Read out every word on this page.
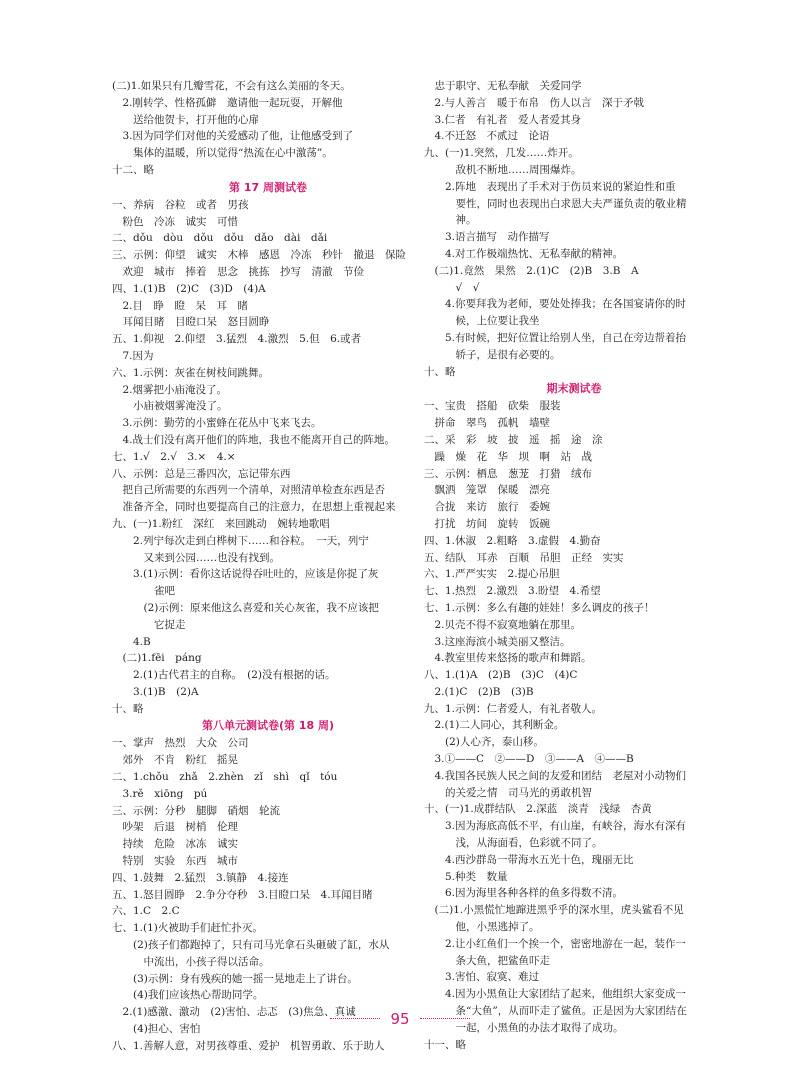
(二)1.如果只有几瓣雪花，不会有这么美丽的冬天。
　2.刚转学、性格孤僻　邀请他一起玩耍，开解他
　　送给他贺卡，打开他的心扉
　3.因为同学们对他的关爱感动了他，让他感受到了
　　集体的温暖，所以觉得“热流在心中激荡”。
十二、略
第 17 周测试卷
一、养病　谷粒　或者　男孩
　粉色　冷冻　诚实　可惜
二、dǒu　dòu　dǒu　dǒu　dǎo　dài　dǎi
三、示例：仰望　诚实　木棒　感恩　冷冻　秒针　撤退　保险
　欢迎　城市　捧着　思念　挑拣　抄写　清澈　节俭
四、1.(1)B　(2)C　(3)D　(4)A
　2.目　睁　瞪　呆　耳　睹
　耳闻目睹　目瞪口呆　怒目圆睁
五、1.仰视　2.仰望　3.猛烈　4.激烈　5.但　6.或者
　7.因为
六、1.示例：灰雀在树枝间跳舞。
　2.烟雾把小庙淹没了。
　　小庙被烟雾淹没了。
　3.示例：勤劳的小蜜蜂在花丛中飞来飞去。
　4.战士们没有离开他们的阵地，我也不能离开自己的阵地。
七、1.√　2.√　3.×　4.×
八、示例：总是三番四次，忘记带东西
　把自己所需要的东西列一个清单，对照清单检查东西是否
　准备齐全，同时也要提高自己的注意力，在思想上重视起来
九、(一)1.粉红　深红　来回跳动　婉转地歌唱
　　2.列宁每次走到白桦树下……和谷粒。　一天，列宁
　　　又来到公园……也没有找到。
　　3.(1)示例：看你这话说得吞吐吐的，应该是你捉了灰
　　　　雀吧
　　　(2)示例：原来他这么喜爱和关心灰雀，我不应该把
　　　　它捉走
　　4.B
　(二)1.fēi　páng
　　2.(1)古代君主的自称。　(2)没有根据的话。
　　3.(1)B　(2)A
十、略
第八单元测试卷(第 18 周)
一、掌声　热烈　大众　公司
　郊外　不肯　粉红　摇晃
二、1.chǒu　zhǎ　2.zhèn　zǐ　shì　qǐ　tóu
　3.rě　xiōng　pú
三、示例：分秒　腿脚　硝烟　轮流
　吵架　后退　树梢　伦理
　持续　危险　冰冻　诚实
　特别　实验　东西　城市
四、1.鼓舞　2.猛烈　3.镇静　4.接连
五、1.怒目圆睁　2.争分夺秒　3.目瞪口呆　4.耳闻目睹
六、1.C　2.C
七、1.(1)火被助手们赶忙扑灭。
　　(2)孩子们都跑掉了，只有司马光拿石头砸破了缸，水从
　　　中流出，小孩子得以活命。
　　(3)示例：身有残疾的她一摇一晃地走上了讲台。
　　(4)我们应该热心帮助同学。
　2.(1)感激、激动　(2)害怕、忐忑　(3)焦急、真诚
　　(4)担心、害怕
八、1.善解人意，对男孩尊重、爱护　机智勇敢、乐于助人
　忠于职守、无私奉献　关爱同学
　2.与人善言　暖于布帛　伤人以言　深于矛戟
　3.仁者　有礼者　爱人者爱其身
　4.不迁怒　不贰过　论语
九、(一)1.突然，几发……炸开。
　　　敌机不断地……周围爆炸。
　　2.阵地　表现出了手术对于伤员来说的紧迫性和重
　　　要性，同时也表现出白求恩大夫严谨负责的敬业精
　　　神。
　　3.语言描写　动作描写
　　4.对工作极端热忱、无私奉献的精神。
　(二)1.竟然　果然　2.(1)C　(2)B　3.B　A
　　　√　√
　　4.你要拜我为老师，要处处捧我；在各国宴请你的时
　　　候，上位要让我坐
　　5.有时候，把好位置让给别人坐，自己在旁边帮着抬
　　　轿子，是很有必要的。
十、略
期末测试卷
一、宝贵　搭船　砍柴　服装
　拼命　翠鸟　孤帆　墙壁
二、采　彩　坡　披　遥　摇　途　涂
　躁　燥　花　华　坝　啊　站　战
三、示例：栖息　葱茏　打猎　绒布
　飘洒　笼罩　保暖　漂亮
　合拢　来访　旅行　委婉
　打扰　坊间　旋转　饭碗
四、1.休淑　2.粗略　3.虚假　4.勤奋
五、结队　耳赤　百顺　吊胆　正经　实实
六、1.严严实实　2.提心吊胆
七、1.热烈　2.激烈　3.盼望　4.希望
七、1.示例：多么有趣的娃娃！多么调皮的孩子！
　2.贝壳不得不寂寞地躺在那里。
　3.这座海滨小城美丽又整洁。
　4.教室里传来悠扬的歌声和舞蹈。
八、1.(1)A　(2)B　(3)C　(4)C
　2.(1)C　(2)B　(3)B
九、1.示例：仁者爱人，有礼者敬人。
　2.(1)二人同心，其利断金。
　　(2)人心齐，泰山移。
　3.①——C　②——D　③——A　④——B
　4.我国各民族人民之间的友爱和团结　老屋对小动物们
　　的关爱之情　司马光的勇敢机智
十、(一)1.成群结队　2.深蓝　淡青　浅绿　杏黄
　　3.因为海底高低不平，有山崖，有峡谷，海水有深有
　　　浅，从海面看，色彩就不同了。
　　4.西沙群岛一带海水五光十色，瑰丽无比
　　5.种类　数量
　　6.因为海里各种各样的鱼多得数不清。
　(二)1.小黑慌忙地蹿进黑乎乎的深水里，虎头鲨看不见
　　　他，小黑逃掉了。
　　2.让小红鱼们一个挨一个，密密地游在一起，装作一
　　　条大鱼，把鲨鱼吓走
　　3.害怕、寂寞、难过
　　4.因为小黑鱼让大家团结了起来，他组织大家变成一
　　　条“大鱼”，从而吓走了鲨鱼。正是因为大家团结在
　　　一起，小黑鱼的办法才取得了成功。
十一、略
95
